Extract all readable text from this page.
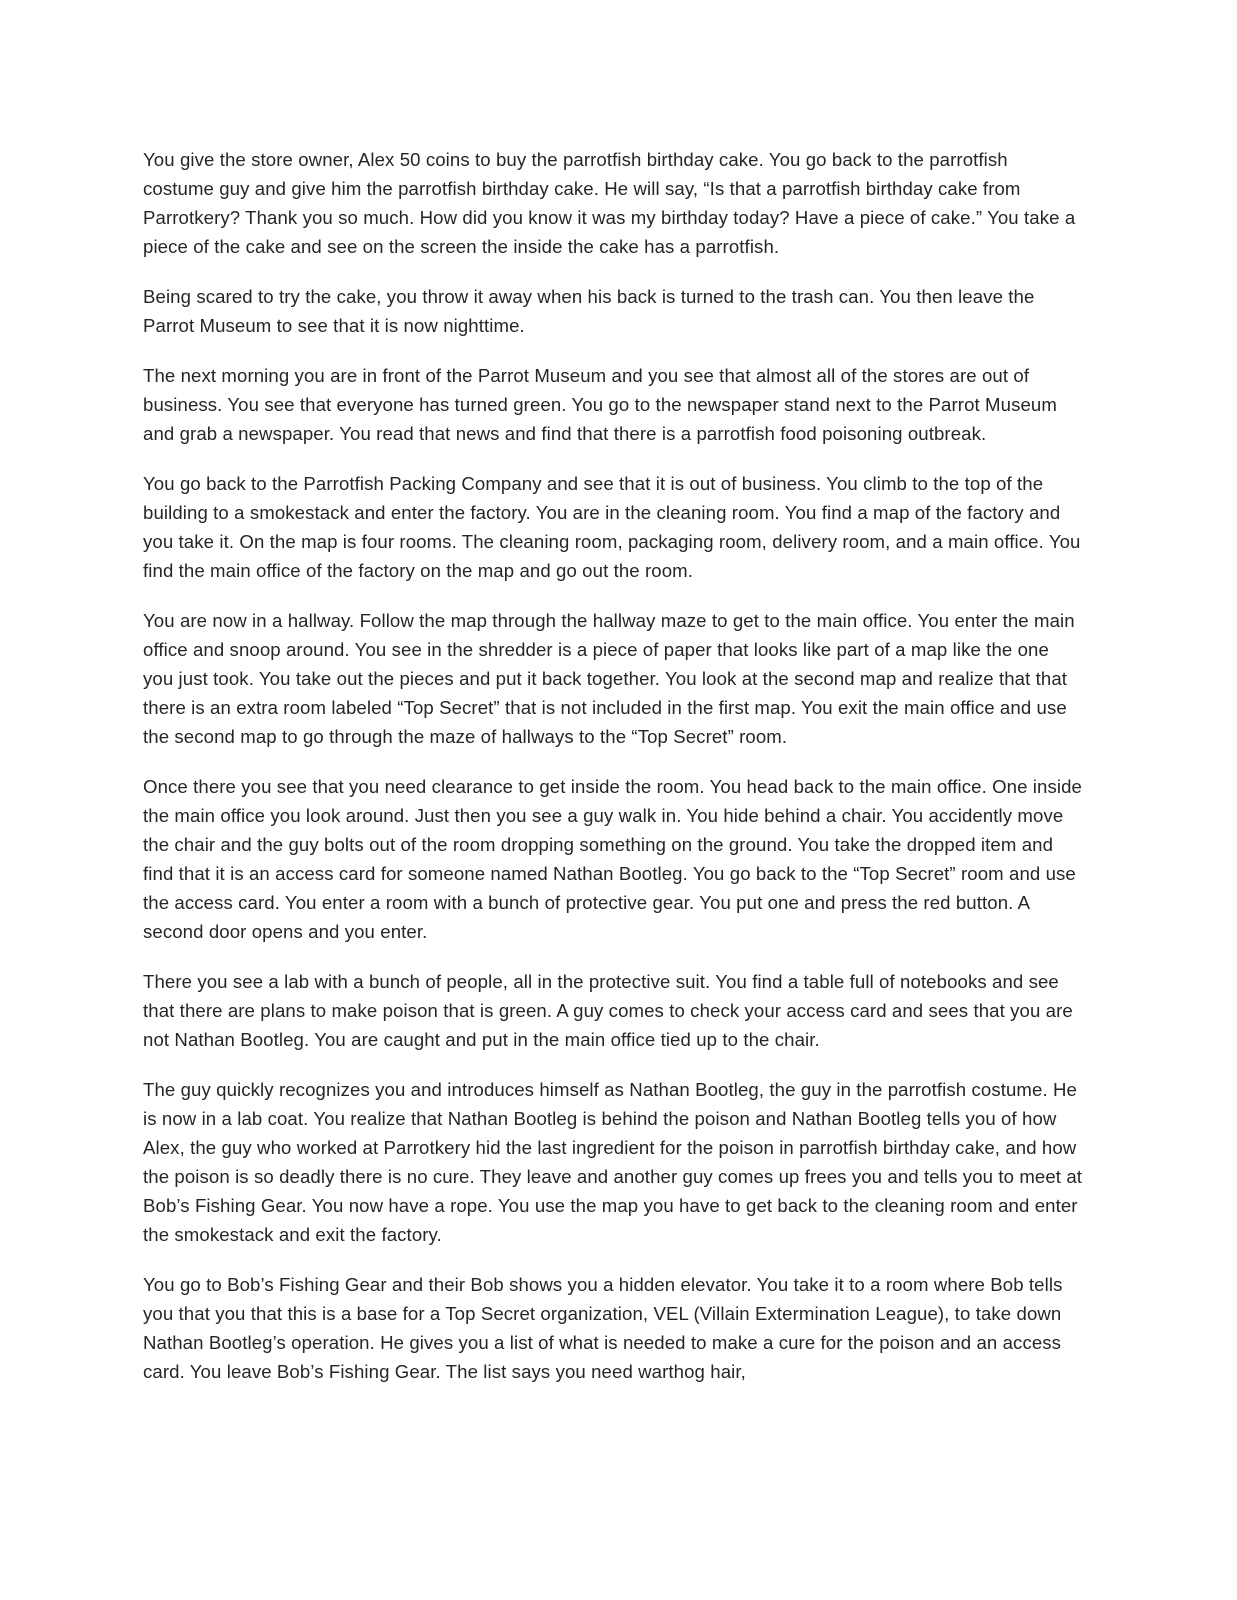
You give the store owner, Alex 50 coins to buy the parrotfish birthday cake. You go back to the parrotfish costume guy and give him the parrotfish birthday cake. He will say, “Is that a parrotfish birthday cake from Parrotkery? Thank you so much. How did you know it was my birthday today? Have a piece of cake.” You take a piece of the cake and see on the screen the inside the cake has a parrotfish.

Being scared to try the cake, you throw it away when his back is turned to the trash can. You then leave the Parrot Museum to see that it is now nighttime.

The next morning you are in front of the Parrot Museum and you see that almost all of the stores are out of business. You see that everyone has turned green. You go to the newspaper stand next to the Parrot Museum and grab a newspaper. You read that news and find that there is a parrotfish food poisoning outbreak.

You go back to the Parrotfish Packing Company and see that it is out of business. You climb to the top of the building to a smokestack and enter the factory. You are in the cleaning room. You find a map of the factory and you take it. On the map is four rooms. The cleaning room, packaging room, delivery room, and a main office. You find the main office of the factory on the map and go out the room.

You are now in a hallway. Follow the map through the hallway maze to get to the main office. You enter the main office and snoop around. You see in the shredder is a piece of paper that looks like part of a map like the one you just took. You take out the pieces and put it back together. You look at the second map and realize that that there is an extra room labeled “Top Secret” that is not included in the first map. You exit the main office and use the second map to go through the maze of hallways to the “Top Secret” room.

Once there you see that you need clearance to get inside the room. You head back to the main office. One inside the main office you look around. Just then you see a guy walk in. You hide behind a chair. You accidently move the chair and the guy bolts out of the room dropping something on the ground. You take the dropped item and find that it is an access card for someone named Nathan Bootleg. You go back to the “Top Secret” room and use the access card. You enter a room with a bunch of protective gear. You put one and press the red button. A second door opens and you enter.

There you see a lab with a bunch of people, all in the protective suit. You find a table full of notebooks and see that there are plans to make poison that is green. A guy comes to check your access card and sees that you are not Nathan Bootleg. You are caught and put in the main office tied up to the chair.

The guy quickly recognizes you and introduces himself as Nathan Bootleg, the guy in the parrotfish costume. He is now in a lab coat. You realize that Nathan Bootleg is behind the poison and Nathan Bootleg tells you of how Alex, the guy who worked at Parrotkery hid the last ingredient for the poison in parrotfish birthday cake, and how the poison is so deadly there is no cure. They leave and another guy comes up frees you and tells you to meet at Bob’s Fishing Gear. You now have a rope. You use the map you have to get back to the cleaning room and enter the smokestack and exit the factory.

You go to Bob’s Fishing Gear and their Bob shows you a hidden elevator. You take it to a room where Bob tells you that you that this is a base for a Top Secret organization, VEL (Villain Extermination League), to take down Nathan Bootleg’s operation. He gives you a list of what is needed to make a cure for the poison and an access card. You leave Bob’s Fishing Gear. The list says you need warthog hair,
